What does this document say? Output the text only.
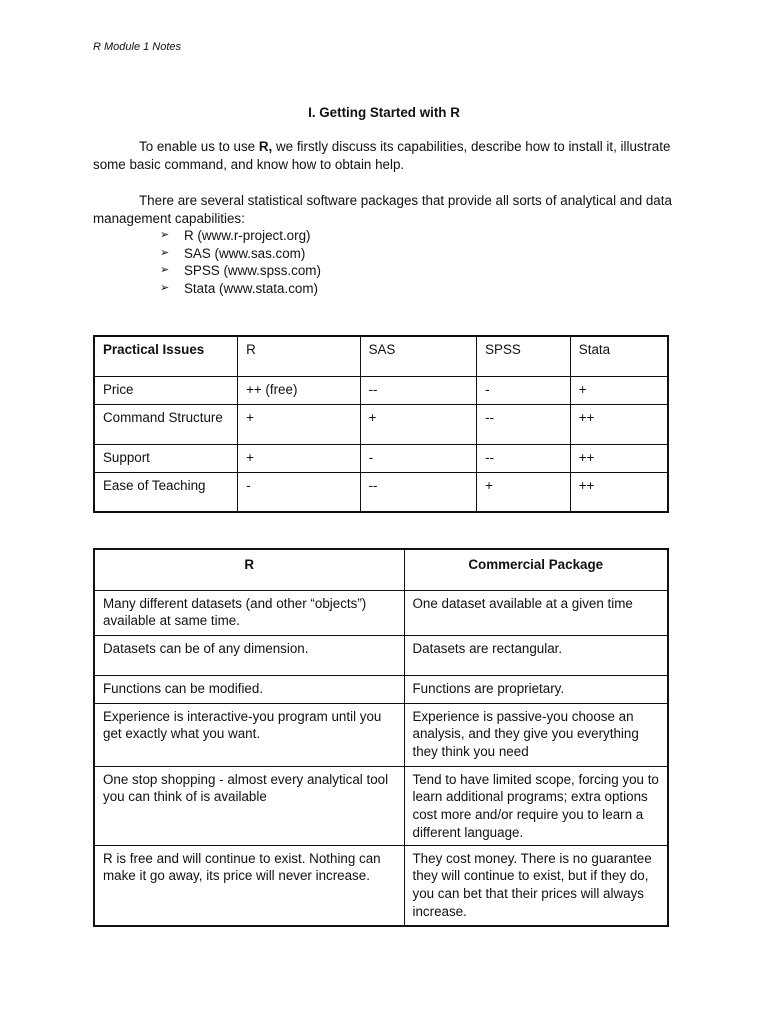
R Module 1 Notes
I. Getting Started with R
To enable us to use R, we firstly discuss its capabilities, describe how to install it, illustrate some basic command, and know how to obtain help.
There are several statistical software packages that provide all sorts of analytical and data management capabilities:
➢	R (www.r-project.org)
➢	SAS (www.sas.com)
➢	SPSS (www.spss.com)
➢	Stata (www.stata.com)
Practical Issues	R	SAS	SPSS	Stata
Price	++ (free)	--	-	+
Command Structure	+	+	--	++
Support	+	-	--	++
Ease of Teaching	-	--	+	++
R	Commercial Package
Many different datasets (and other “objects”) available at same time.	One dataset available at a given time
Datasets can be of any dimension.	Datasets are rectangular.
Functions can be modified.	Functions are proprietary.
Experience is interactive-you program until you get exactly what you want.	Experience is passive-you choose an analysis, and they give you everything they think you need
One stop shopping - almost every analytical tool you can think of is available	Tend to have limited scope, forcing you to learn additional programs; extra options cost more and/or require you to learn a different language.
R is free and will continue to exist. Nothing can make it go away, its price will never increase.	They cost money. There is no guarantee they will continue to exist, but if they do, you can bet that their prices will always increase.
